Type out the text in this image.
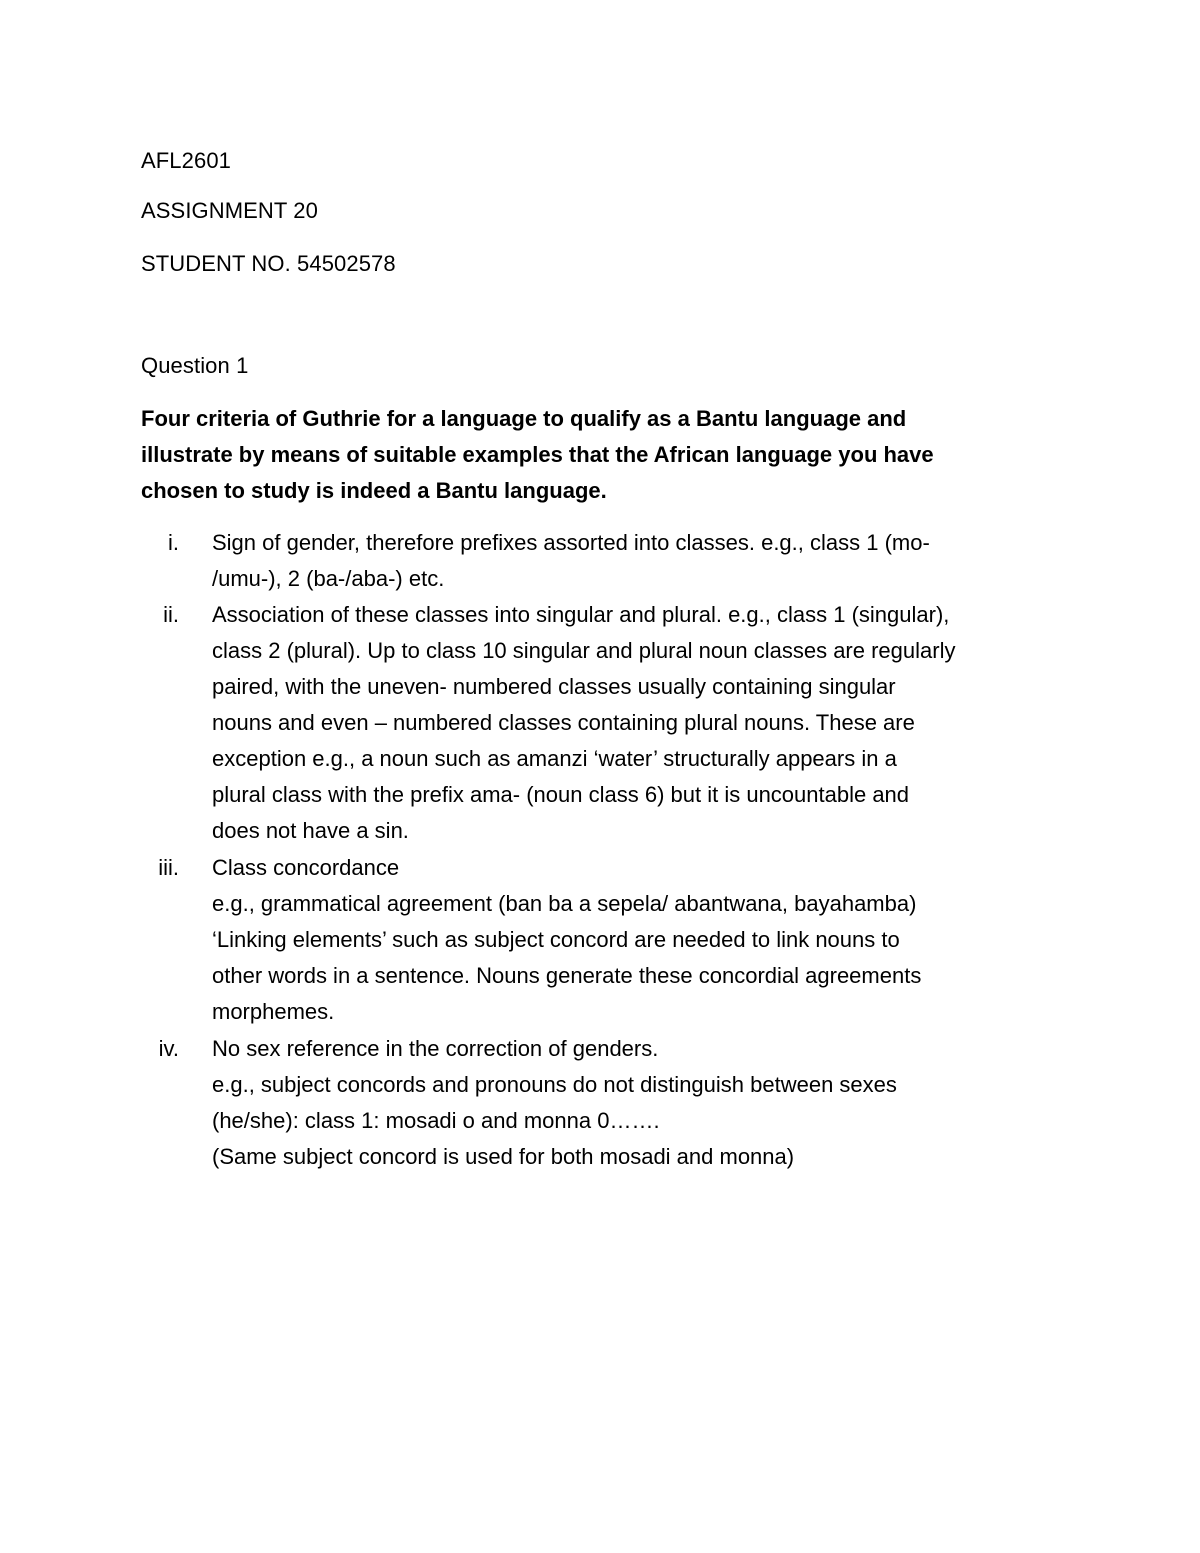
AFL2601
ASSIGNMENT 20
STUDENT NO. 54502578
Question 1
Four criteria of Guthrie for a language to qualify as a Bantu language and
illustrate by means of suitable examples that the African language you have
chosen to study is indeed a Bantu language.
i. Sign of gender, therefore prefixes assorted into classes. e.g., class 1 (mo-
/umu-), 2 (ba-/aba-) etc.
ii. Association of these classes into singular and plural. e.g., class 1 (singular),
class 2 (plural). Up to class 10 singular and plural noun classes are regularly
paired, with the uneven- numbered classes usually containing singular
nouns and even – numbered classes containing plural nouns. These are
exception e.g., a noun such as amanzi ‘water’ structurally appears in a
plural class with the prefix ama- (noun class 6) but it is uncountable and
does not have a sin.
iii. Class concordance
e.g., grammatical agreement (ban ba a sepela/ abantwana, bayahamba)
‘Linking elements’ such as subject concord are needed to link nouns to
other words in a sentence. Nouns generate these concordial agreements
morphemes.
iv. No sex reference in the correction of genders.
e.g., subject concords and pronouns do not distinguish between sexes
(he/she): class 1: mosadi o and monna 0…….
(Same subject concord is used for both mosadi and monna)
